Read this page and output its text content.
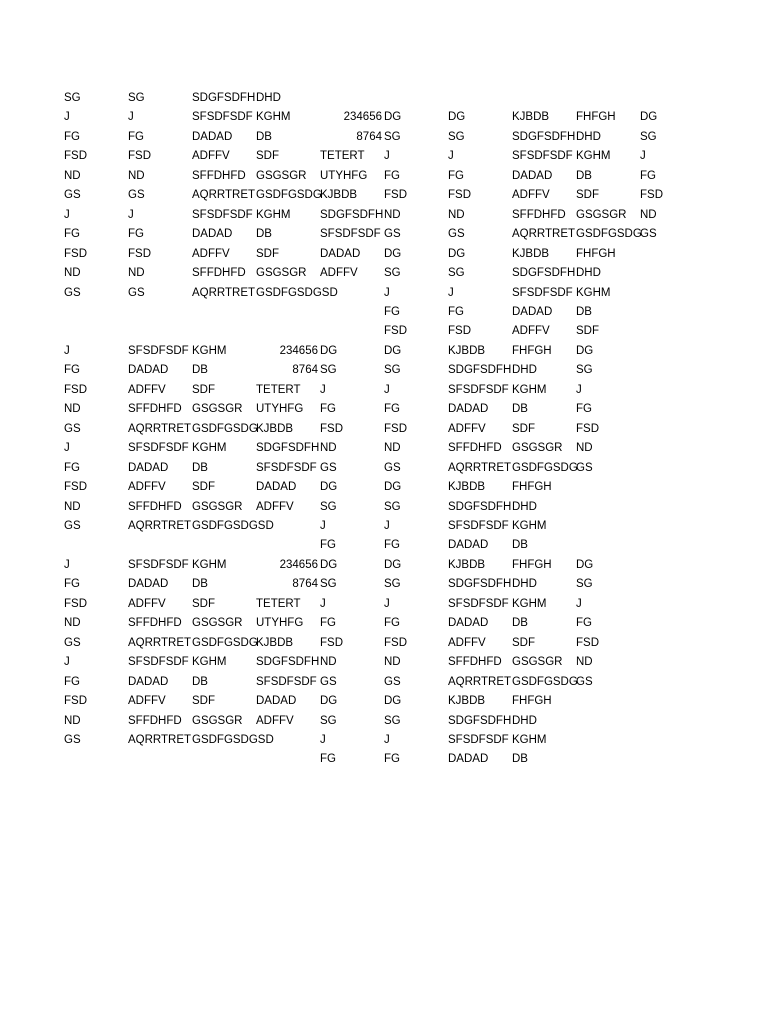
SG	SG	SDGFSDFH	DHD						
J	J	SFSDFSDF	KGHM	234656	DG	DG	KJBDB	FHFGH	DG
FG	FG	DADAD	DB	8764	SG	SG	SDGFSDFH	DHD	SG
FSD	FSD	ADFFV	SDF	TETERT	J	J	SFSDFSDF	KGHM	J
ND	ND	SFFDHFD	GSGSGR	UTYHFG	FG	FG	DADAD	DB	FG
GS	GS	AQRRTRET	GSDFGSDG	KJBDB	FSD	FSD	ADFFV	SDF	FSD
J	J	SFSDFSDF	KGHM	SDGFSDFH	ND	ND	SFFDHFD	GSGSGR	ND
FG	FG	DADAD	DB	SFSDFSDF	GS	GS	AQRRTRET	GSDFGSDG	GS
FSD	FSD	ADFFV	SDF	DADAD	DG	DG	KJBDB	FHFGH	
ND	ND	SFFDHFD	GSGSGR	ADFFV	SG	SG	SDGFSDFH	DHD	
GS	GS	AQRRTRET	GSDFGSDGSD		J	J	SFSDFSDF	KGHM	
					FG	FG	DADAD	DB	
					FSD	FSD	ADFFV	SDF	
J	SFSDFSDF	KGHM	234656	DG	DG	KJBDB	FHFGH	DG	
FG	DADAD	DB	8764	SG	SG	SDGFSDFH	DHD	SG	
FSD	ADFFV	SDF	TETERT	J	J	SFSDFSDF	KGHM	J	
ND	SFFDHFD	GSGSGR	UTYHFG	FG	FG	DADAD	DB	FG	
GS	AQRRTRET	GSDFGSDG	KJBDB	FSD	FSD	ADFFV	SDF	FSD	
J	SFSDFSDF	KGHM	SDGFSDFH	ND	ND	SFFDHFD	GSGSGR	ND	
FG	DADAD	DB	SFSDFSDF	GS	GS	AQRRTRET	GSDFGSDG	GS	
FSD	ADFFV	SDF	DADAD	DG	DG	KJBDB	FHFGH		
ND	SFFDHFD	GSGSGR	ADFFV	SG	SG	SDGFSDFH	DHD		
GS	AQRRTRET	GSDFGSDGSD		J	J	SFSDFSDF	KGHM		
				FG	FG	DADAD	DB		
J	SFSDFSDF	KGHM	234656	DG	DG	KJBDB	FHFGH	DG	
FG	DADAD	DB	8764	SG	SG	SDGFSDFH	DHD	SG	
FSD	ADFFV	SDF	TETERT	J	J	SFSDFSDF	KGHM	J	
ND	SFFDHFD	GSGSGR	UTYHFG	FG	FG	DADAD	DB	FG	
GS	AQRRTRET	GSDFGSDG	KJBDB	FSD	FSD	ADFFV	SDF	FSD	
J	SFSDFSDF	KGHM	SDGFSDFH	ND	ND	SFFDHFD	GSGSGR	ND	
FG	DADAD	DB	SFSDFSDF	GS	GS	AQRRTRET	GSDFGSDG	GS	
FSD	ADFFV	SDF	DADAD	DG	DG	KJBDB	FHFGH		
ND	SFFDHFD	GSGSGR	ADFFV	SG	SG	SDGFSDFH	DHD		
GS	AQRRTRET	GSDFGSDGSD		J	J	SFSDFSDF	KGHM		
				FG	FG	DADAD	DB		
